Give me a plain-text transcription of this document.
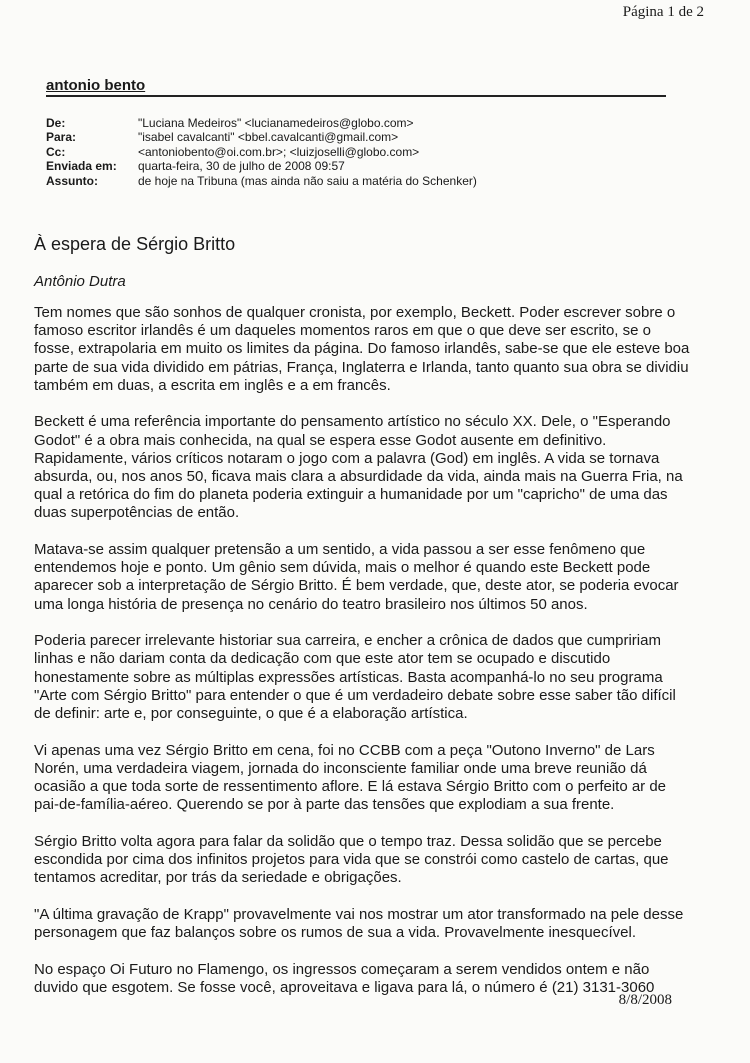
Página 1 de 2
antonio bento
De:	"Luciana Medeiros" <lucianamedeiros@globo.com>
Para:	"isabel cavalcanti" <bbel.cavalcanti@gmail.com>
Cc:	<antoniobento@oi.com.br>; <luizjoselli@globo.com>
Enviada em:	quarta-feira, 30 de julho de 2008 09:57
Assunto:	de hoje na Tribuna (mas ainda não saiu a matéria do Schenker)
À espera de Sérgio Britto
Antônio Dutra

Tem nomes que são sonhos de qualquer cronista, por exemplo, Beckett. Poder escrever sobre o famoso escritor irlandês é um daqueles momentos raros em que o que deve ser escrito, se o fosse, extrapolaria em muito os limites da página. Do famoso irlandês, sabe-se que ele esteve boa parte de sua vida dividido em pátrias, França, Inglaterra e Irlanda, tanto quanto sua obra se dividiu também em duas, a escrita em inglês e a em francês.

Beckett é uma referência importante do pensamento artístico no século XX. Dele, o "Esperando Godot" é a obra mais conhecida, na qual se espera esse Godot ausente em definitivo. Rapidamente, vários críticos notaram o jogo com a palavra (God) em inglês. A vida se tornava absurda, ou, nos anos 50, ficava mais clara a absurdidade da vida, ainda mais na Guerra Fria, na qual a retórica do fim do planeta poderia extinguir a humanidade por um "capricho" de uma das duas superpotências de então.

Matava-se assim qualquer pretensão a um sentido, a vida passou a ser esse fenômeno que entendemos hoje e ponto. Um gênio sem dúvida, mais o melhor é quando este Beckett pode aparecer sob a interpretação de Sérgio Britto. É bem verdade, que, deste ator, se poderia evocar uma longa história de presença no cenário do teatro brasileiro nos últimos 50 anos.

Poderia parecer irrelevante historiar sua carreira, e encher a crônica de dados que cumpririam linhas e não dariam conta da dedicação com que este ator tem se ocupado e discutido honestamente sobre as múltiplas expressões artísticas. Basta acompanhá-lo no seu programa "Arte com Sérgio Britto" para entender o que é um verdadeiro debate sobre esse saber tão difícil de definir: arte e, por conseguinte, o que é a elaboração artística.

Vi apenas uma vez Sérgio Britto em cena, foi no CCBB com a peça "Outono Inverno" de Lars Norén, uma verdadeira viagem, jornada do inconsciente familiar onde uma breve reunião dá ocasião a que toda sorte de ressentimento aflore. E lá estava Sérgio Britto com o perfeito ar de pai-de-família-aéreo. Querendo se por à parte das tensões que explodiam a sua frente.

Sérgio Britto volta agora para falar da solidão que o tempo traz. Dessa solidão que se percebe escondida por cima dos infinitos projetos para vida que se constrói como castelo de cartas, que tentamos acreditar, por trás da seriedade e obrigações.

"A última gravação de Krapp" provavelmente vai nos mostrar um ator transformado na pele desse personagem que faz balanços sobre os rumos de sua a vida. Provavelmente inesquecível.

No espaço Oi Futuro no Flamengo, os ingressos começaram a serem vendidos ontem e não duvido que esgotem. Se fosse você, aproveitava e ligava para lá, o número é (21) 3131-3060

8/8/2008
